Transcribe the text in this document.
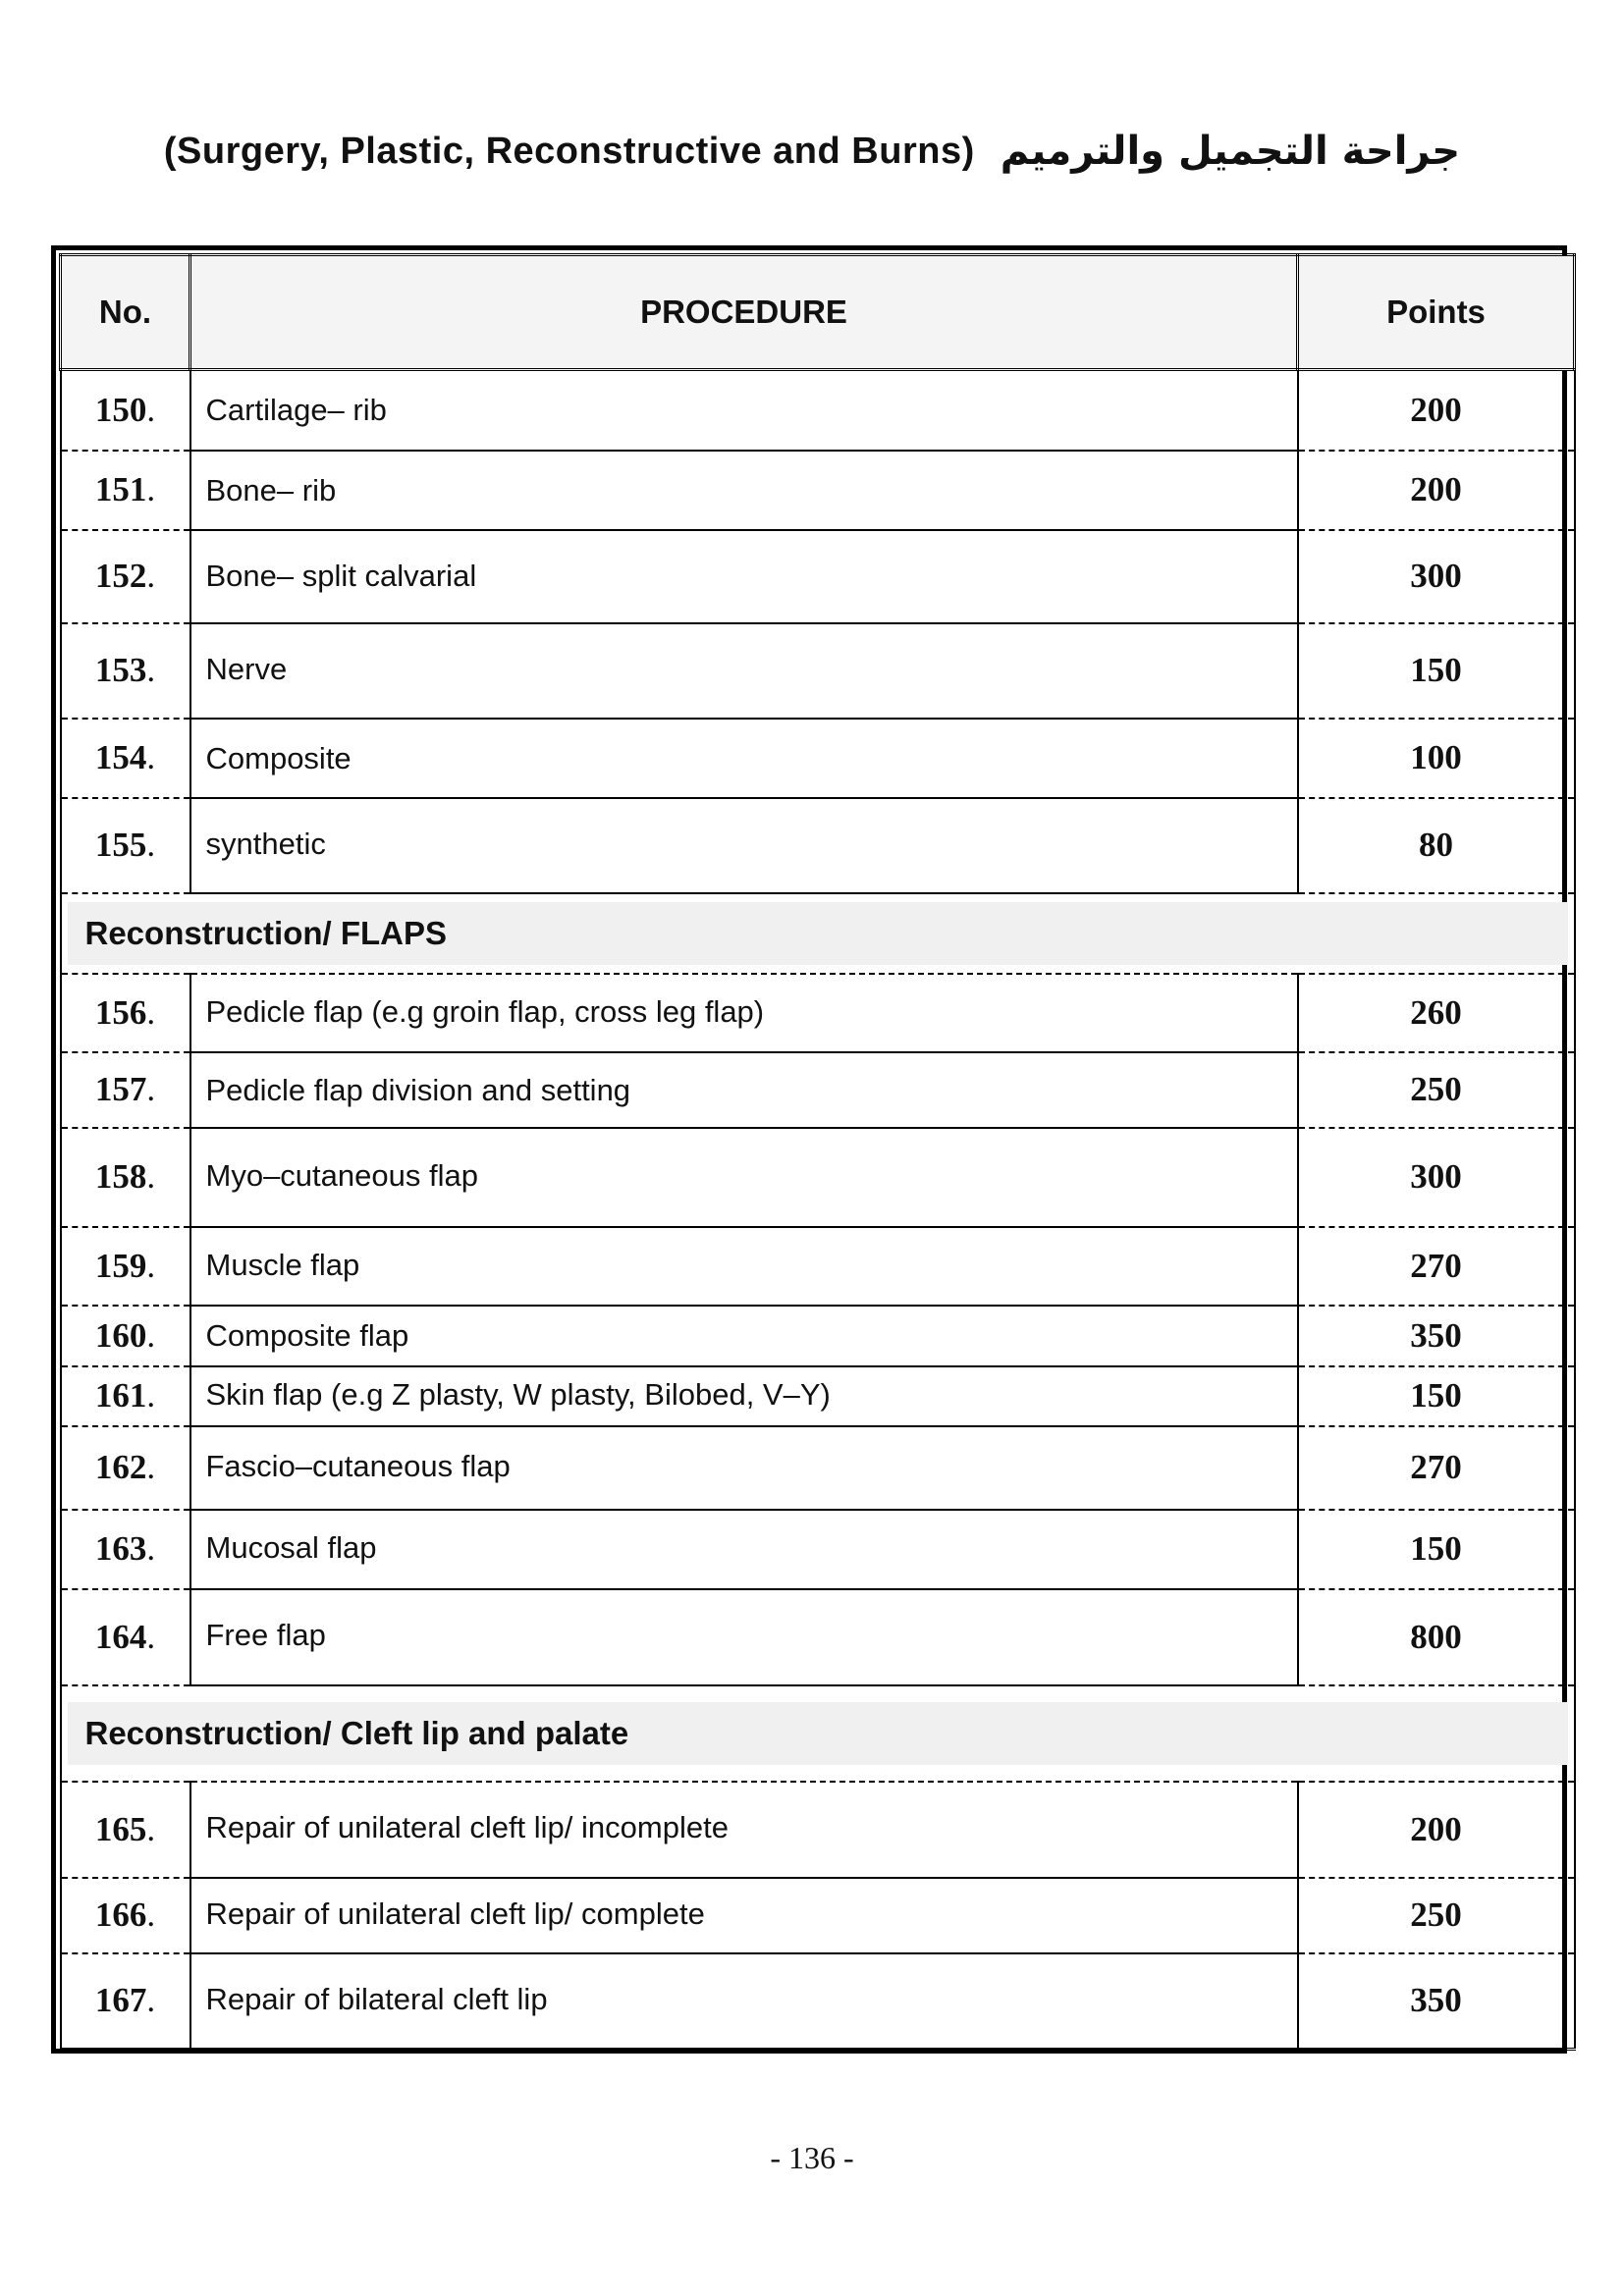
(Surgery, Plastic, Reconstructive and Burns) جراحة التجميل والترميم
No.	PROCEDURE	Points
150.	Cartilage– rib	200
151.	Bone– rib	200
152.	Bone– split calvarial	300
153.	Nerve	150
154.	Composite	100
155.	synthetic	80

Reconstruction/ FLAPS		

156.	Pedicle flap (e.g groin flap, cross leg flap)	260
157.	Pedicle flap division and setting	250
158.	Myo–cutaneous flap	300
159.	Muscle flap	270
160.	Composite flap	350
161.	Skin flap (e.g Z plasty, W plasty, Bilobed, V–Y)	150
162.	Fascio–cutaneous flap	270
163.	Mucosal flap	150
164.	Free flap	800

Reconstruction/ Cleft lip and palate		

165.	Repair of unilateral cleft lip/ incomplete	200
166.	Repair of unilateral cleft lip/ complete	250
167.	Repair of bilateral cleft lip	350
- 136 -
